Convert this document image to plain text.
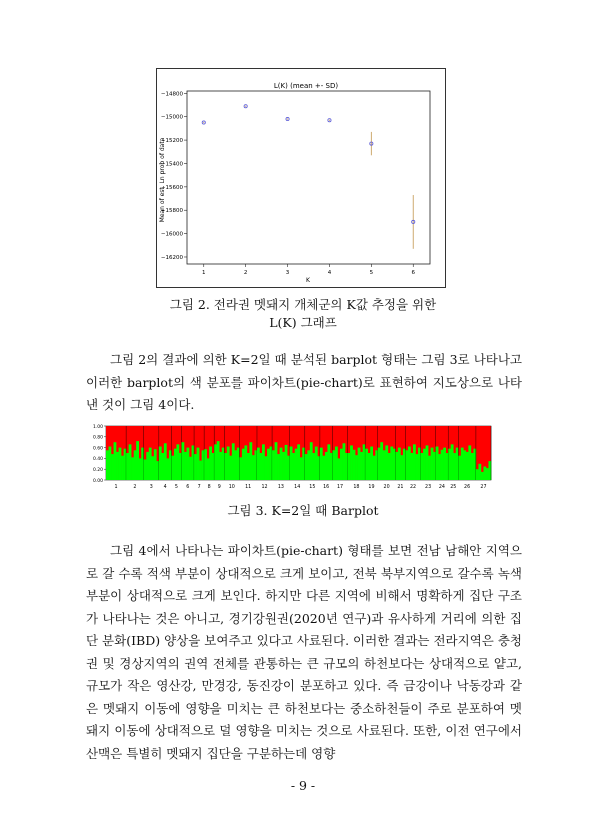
L(K) (mean +- SD)
−14800
−15000
−15200
−15400
−15600
−15800
−16000
−16200
1	2	3	4	5	6
K
Mean of est. Ln prob of data
그림 2. 전라권 멧돼지 개체군의 K값 추정을 위한
L(K) 그래프

그림 2의 결과에 의한 K=2일 때 분석된 barplot 형태는 그림 3로 나타나고 이러한 barplot의 색 분포를 파이차트(pie-chart)로 표현하여 지도상으로 나타낸 것이 그림 4이다.

0.00
0.20
0.40
0.60
0.80
1.00
1	2	3 4 5 6 7 8 9 10 11 12 13 14 15 16 17 18 19 20 21 22 23 24 25 26 27
그림 3. K=2일 때 Barplot

그림 4에서 나타나는 파이차트(pie-chart) 형태를 보면 전남 남해안 지역으로 갈 수록 적색 부분이 상대적으로 크게 보이고, 전북 북부지역으로 갈수록 녹색 부분이 상대적으로 크게 보인다. 하지만 다른 지역에 비해서 명확하게 집단 구조가 나타나는 것은 아니고, 경기강원권(2020년 연구)과 유사하게 거리에 의한 집단 분화(IBD) 양상을 보여주고 있다고 사료된다. 이러한 결과는 전라지역은 충청권 및 경상지역의 권역 전체를 관통하는 큰 규모의 하천보다는 상대적으로 얕고, 규모가 작은 영산강, 만경강, 동진강이 분포하고 있다. 즉 금강이나 낙동강과 같은 멧돼지 이동에 영향을 미치는 큰 하천보다는 중소하천들이 주로 분포하여 멧돼지 이동에 상대적으로 덜 영향을 미치는 것으로 사료된다. 또한, 이전 연구에서 산맥은 특별히 멧돼지 집단을 구분하는데 영향

- 9 -
